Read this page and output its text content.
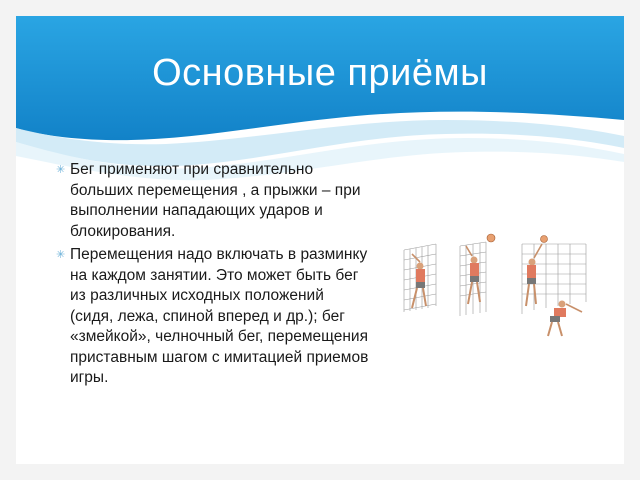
Основные приёмы
✳ Бег применяют при сравнительно больших перемещения , а прыжки – при выполнении нападающих ударов и блокирования.
✳ Перемещения надо включать в разминку на каждом занятии. Это может быть бег из различных исходных положений (сидя, лежа, спиной вперед и др.); бег «змейкой», челночный бег, перемещения приставным шагом с имитацией приемов игры.
